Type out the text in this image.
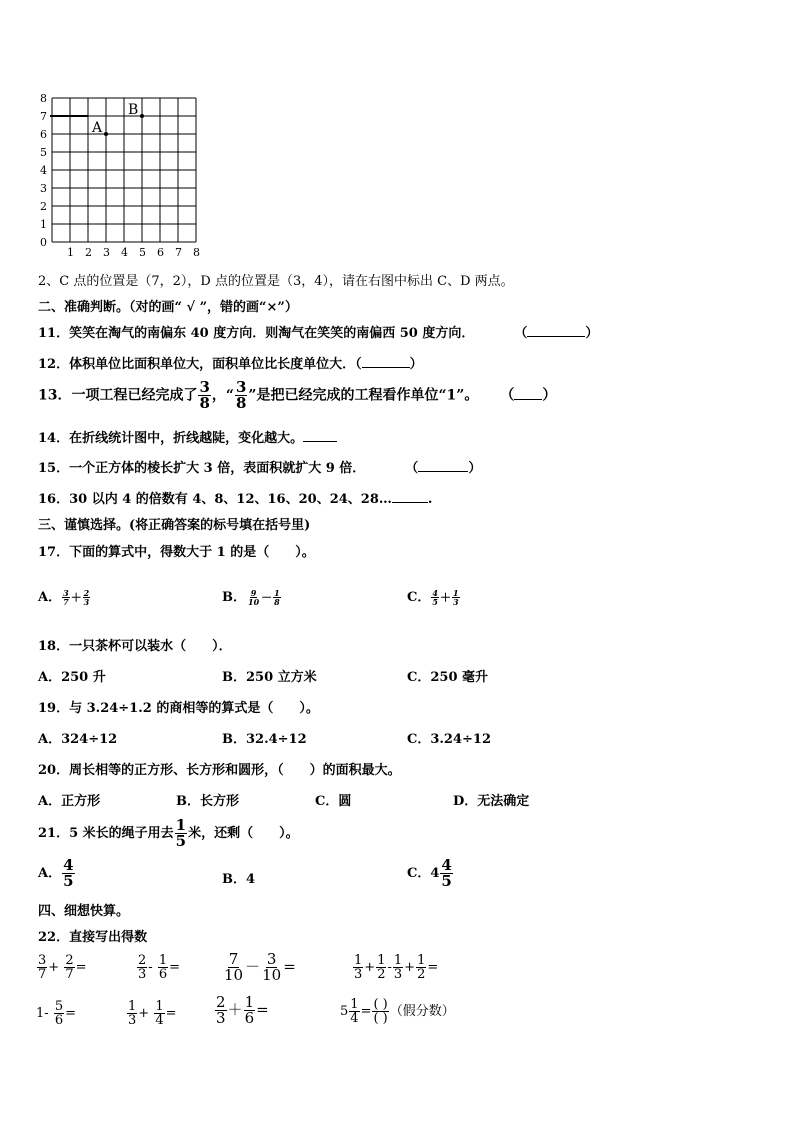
0
1
2
3
4
5
6
7
8
1 2 3 4 5 6 7 8
A
B
2、C 点的位置是（7，2），D 点的位置是（3，4），请在右图中标出 C、D 两点。
二、准确判断。（对的画“ √ ”，错的画“×”）
11．笑笑在淘气的南偏东 40 度方向．则淘气在笑笑的南偏西 50 度方向．	（	）
12．体积单位比面积单位大，面积单位比长度单位大．（	）
13．一项工程已经完成了 $\frac{3}{8}$ ，“ $\frac{3}{8}$ ”是把已经完成的工程看作单位“1”。 （ ）
14．在折线统计图中，折线越陡，变化越大。
15．一个正方体的棱长扩大 3 倍，表面积就扩大 9 倍．	（	）
16．30 以内 4 的倍数有 4、8、12、16、20、24、28…	.
三、谨慎选择。(将正确答案的标号填在括号里)
17．下面的算式中，得数大于 1 的是（　　）。
A． $\frac{3}{7} + \frac{2}{3}$	B． $\frac{9}{10} - \frac{1}{8}$	C． $\frac{4}{5} + \frac{1}{3}$
18．一只茶杯可以装水（　　）．
A．250 升	B．250 立方米	C．250 毫升
19．与 3.24÷1.2 的商相等的算式是（　　）。
A．324÷12	B．32.4÷12	C．3.24÷12
20．周长相等的正方形、长方形和圆形，（　　）的面积最大。
A．正方形	B．长方形	C．圆	D．无法确定
21．5 米长的绳子用去 $\frac{1}{5}$ 米，还剩（　　）。
A． $\frac{4}{5}$	B．4	C．$4 \frac{4}{5}$
四、细想快算。
22．直接写出得数
$\frac{3}{7} + \frac{2}{7}$ =	$\frac{2}{3} - \frac{1}{6}$ =	$\frac{7}{10} - \frac{3}{10}$ =	$\frac{1}{3} + \frac{1}{2} - \frac{1}{3} + \frac{1}{2}$ =
$1- \frac{5}{6}$ =	$\frac{1}{3} + \frac{1}{4}$ =	$\frac{2}{3} + \frac{1}{6}$ =	$5 \frac{1}{4} = \frac{( )}{( )}$ （假分数）
